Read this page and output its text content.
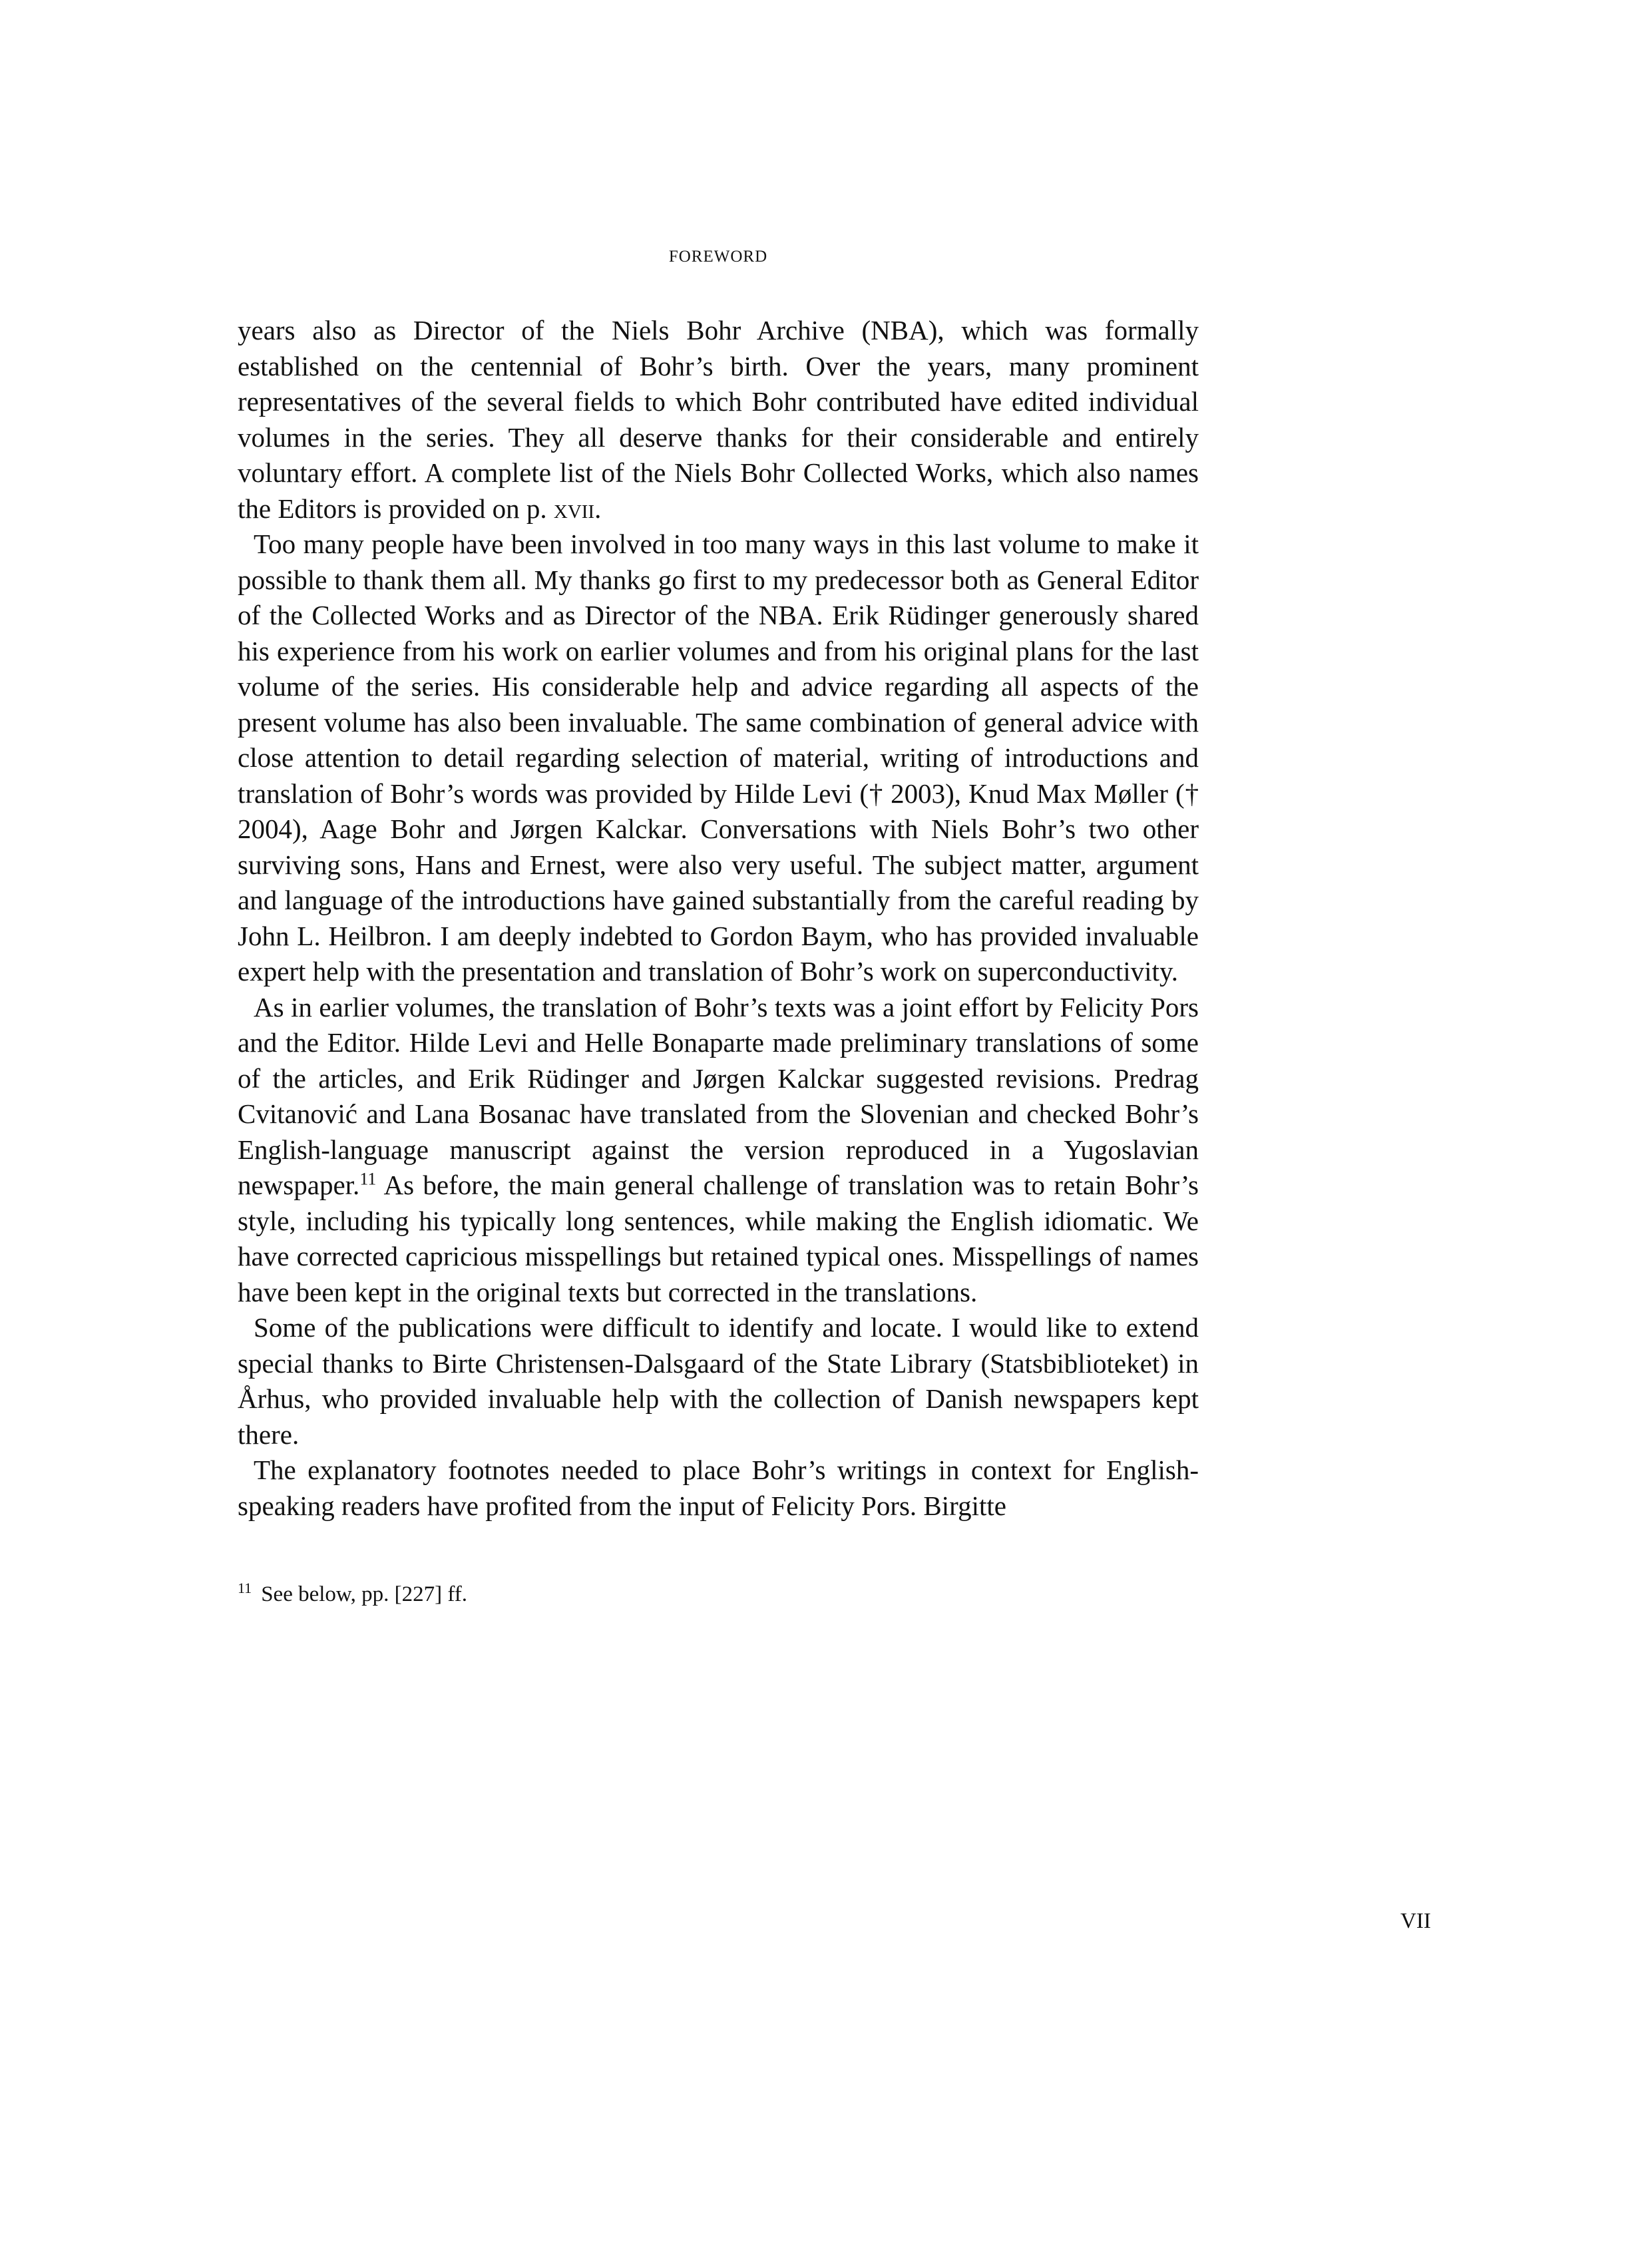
FOREWORD

years also as Director of the Niels Bohr Archive (NBA), which was formally established on the centennial of Bohr’s birth. Over the years, many prominent representatives of the several fields to which Bohr contributed have edited individual volumes in the series. They all deserve thanks for their considerable and entirely voluntary effort. A complete list of the Niels Bohr Collected Works, which also names the Editors is provided on p. xvii.

Too many people have been involved in too many ways in this last volume to make it possible to thank them all. My thanks go first to my predecessor both as General Editor of the Collected Works and as Director of the NBA. Erik Rüdinger generously shared his experience from his work on earlier volumes and from his original plans for the last volume of the series. His considerable help and advice regarding all aspects of the present volume has also been invaluable. The same combination of general advice with close attention to detail regarding selection of material, writing of introductions and translation of Bohr’s words was provided by Hilde Levi († 2003), Knud Max Møller († 2004), Aage Bohr and Jørgen Kalckar. Conversations with Niels Bohr’s two other surviving sons, Hans and Ernest, were also very useful. The subject matter, argument and language of the introductions have gained substantially from the careful reading by John L. Heilbron. I am deeply indebted to Gordon Baym, who has provided invaluable expert help with the presentation and translation of Bohr’s work on superconductivity.

As in earlier volumes, the translation of Bohr’s texts was a joint effort by Felicity Pors and the Editor. Hilde Levi and Helle Bonaparte made preliminary translations of some of the articles, and Erik Rüdinger and Jørgen Kalckar suggested revisions. Predrag Cvitanović and Lana Bosanac have translated from the Slovenian and checked Bohr’s English-language manuscript against the version reproduced in a Yugoslavian newspaper.$^{11}$ As before, the main general challenge of translation was to retain Bohr’s style, including his typically long sentences, while making the English idiomatic. We have corrected capricious misspellings but retained typical ones. Misspellings of names have been kept in the original texts but corrected in the translations.

Some of the publications were difficult to identify and locate. I would like to extend special thanks to Birte Christensen-Dalsgaard of the State Library (Statsbiblioteket) in Århus, who provided invaluable help with the collection of Danish newspapers kept there.

The explanatory footnotes needed to place Bohr’s writings in context for English-speaking readers have profited from the input of Felicity Pors. Birgitte

$^{11}$ See below, pp. [227] ff.
VII
